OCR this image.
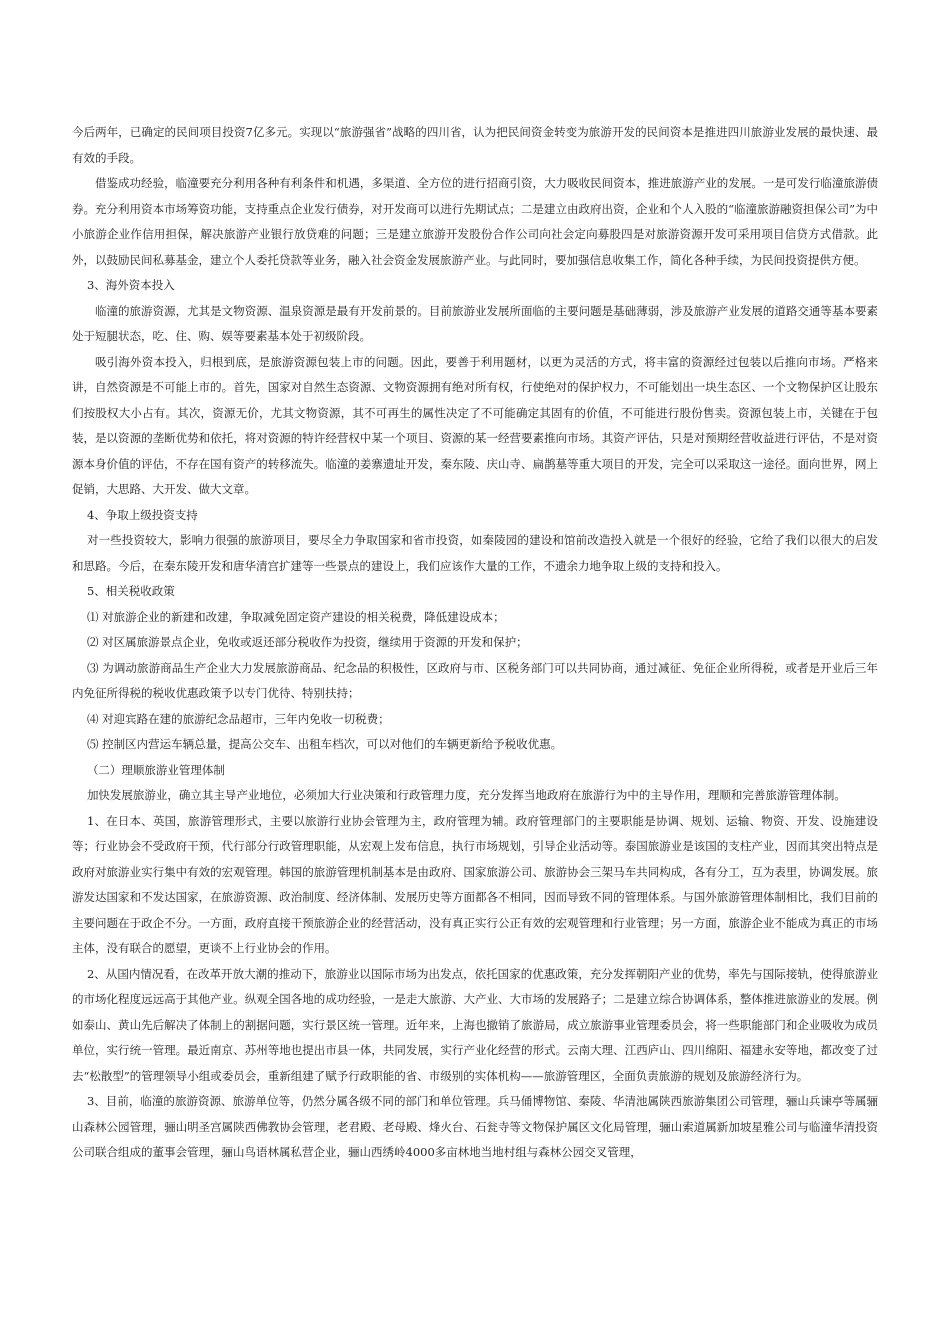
今后两年，已确定的民间项目投资7亿多元。实现以“旅游强省”战略的四川省，认为把民间资金转变为旅游开发的民间资本是推进四川旅游业发展的最快速、最有效的手段。

借鉴成功经验，临潼要充分利用各种有利条件和机遇，多渠道、全方位的进行招商引资，大力吸收民间资本，推进旅游产业的发展。一是可发行临潼旅游债券。充分利用资本市场筹资功能，支持重点企业发行债券，对开发商可以进行先期试点；二是建立由政府出资，企业和个人入股的“临潼旅游融资担保公司”为中小旅游企业作信用担保，解决旅游产业银行放贷难的问题；三是建立旅游开发股份合作公司向社会定向募股四是对旅游资源开发可采用项目信贷方式借款。此外，以鼓励民间私募基金，建立个人委托贷款等业务，融入社会资金发展旅游产业。与此同时，要加强信息收集工作，简化各种手续，为民间投资提供方便。

3、海外资本投入

临潼的旅游资源，尤其是文物资源、温泉资源是最有开发前景的。目前旅游业发展所面临的主要问题是基础薄弱，涉及旅游产业发展的道路交通等基本要素处于短腿状态，吃、住、购、娱等要素基本处于初级阶段。

吸引海外资本投入，归根到底，是旅游资源包装上市的问题。因此，要善于利用题材，以更为灵活的方式，将丰富的资源经过包装以后推向市场。严格来讲，自然资源是不可能上市的。首先，国家对自然生态资源、文物资源拥有绝对所有权，行使绝对的保护权力，不可能划出一块生态区、一个文物保护区让股东们按股权大小占有。其次，资源无价，尤其文物资源，其不可再生的属性决定了不可能确定其固有的价值，不可能进行股份售卖。资源包装上市，关键在于包装，是以资源的垄断优势和依托，将对资源的特许经营权中某一个项目、资源的某一经营要素推向市场。其资产评估，只是对预期经营收益进行评估，不是对资源本身价值的评估，不存在国有资产的转移流失。临潼的姜寨遗址开发，秦东陵、庆山寺、扁鹊墓等重大项目的开发，完全可以采取这一途径。面向世界，网上促销，大思路、大开发、做大文章。

4、争取上级投资支持

对一些投资较大，影响力很强的旅游项目，要尽全力争取国家和省市投资，如秦陵园的建设和馆前改造投入就是一个很好的经验，它给了我们以很大的启发和思路。今后，在秦东陵开发和唐华清宫扩建等一些景点的建设上，我们应该作大量的工作，不遗余力地争取上级的支持和投入。

5、相关税收政策

⑴ 对旅游企业的新建和改建，争取减免固定资产建设的相关税费，降低建设成本；

⑵ 对区属旅游景点企业，免收或返还部分税收作为投资，继续用于资源的开发和保护；

⑶ 为调动旅游商品生产企业大力发展旅游商品、纪念品的积极性，区政府与市、区税务部门可以共同协商，通过减征、免征企业所得税，或者是开业后三年内免征所得税的税收优惠政策予以专门优待、特别扶持；

⑷ 对迎宾路在建的旅游纪念品超市，三年内免收一切税费；

⑸ 控制区内营运车辆总量，提高公交车、出租车档次，可以对他们的车辆更新给予税收优惠。

（二）理顺旅游业管理体制

加快发展旅游业，确立其主导产业地位，必须加大行业决策和行政管理力度，充分发挥当地政府在旅游行为中的主导作用，理顺和完善旅游管理体制。

1、在日本、英国，旅游管理形式，主要以旅游行业协会管理为主，政府管理为辅。政府管理部门的主要职能是协调、规划、运输、物资、开发、设施建设等；行业协会不受政府干预，代行部分行政管理职能，从宏观上发布信息，执行市场规划，引导企业活动等。泰国旅游业是该国的支柱产业，因而其突出特点是政府对旅游业实行集中有效的宏观管理。韩国的旅游管理机制基本是由政府、国家旅游公司、旅游协会三架马车共同构成，各有分工，互为表里，协调发展。旅游发达国家和不发达国家，在旅游资源、政治制度、经济体制、发展历史等方面都各不相同，因而导致不同的管理体系。与国外旅游管理体制相比，我们目前的主要问题在于政企不分。一方面，政府直接干预旅游企业的经营活动，没有真正实行公正有效的宏观管理和行业管理；另一方面，旅游企业不能成为真正的市场主体，没有联合的愿望，更谈不上行业协会的作用。

2、从国内情况看，在改革开放大潮的推动下，旅游业以国际市场为出发点，依托国家的优惠政策，充分发挥朝阳产业的优势，率先与国际接轨，使得旅游业的市场化程度远远高于其他产业。纵观全国各地的成功经验，一是走大旅游、大产业、大市场的发展路子；二是建立综合协调体系，整体推进旅游业的发展。例如泰山、黄山先后解决了体制上的割据问题，实行景区统一管理。近年来，上海也撤销了旅游局，成立旅游事业管理委员会，将一些职能部门和企业吸收为成员单位，实行统一管理。最近南京、苏州等地也提出市县一体，共同发展，实行产业化经营的形式。云南大理、江西庐山、四川绵阳、福建永安等地，都改变了过去“松散型”的管理领导小组或委员会，重新组建了赋予行政职能的省、市级别的实体机构——旅游管理区，全面负责旅游的规划及旅游经济行为。

3、目前，临潼的旅游资源、旅游单位等，仍然分属各级不同的部门和单位管理。兵马俑博物馆、秦陵、华清池属陕西旅游集团公司管理，骊山兵谏亭等属骊山森林公园管理，骊山明圣宫属陕西佛教协会管理，老君殿、老母殿、烽火台、石瓮寺等文物保护属区文化局管理，骊山索道属新加坡星雅公司与临潼华清投资公司联合组成的董事会管理，骊山鸟语林属私营企业，骊山西绣岭4000多亩林地当地村组与森林公园交叉管理，
